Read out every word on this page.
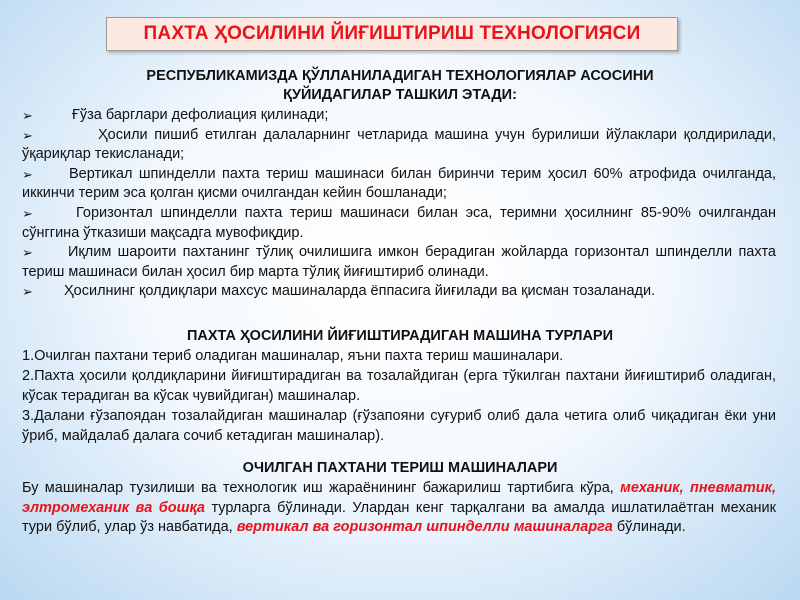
ПАХТА ҲОСИЛИНИ ЙИҒИШТИРИШ ТЕХНОЛОГИЯСИ
РЕСПУБЛИКАМИЗДА ҚЎЛЛАНИЛАДИГАН ТЕХНОЛОГИЯЛАР АСОСИНИ
ҚУЙИДАГИЛАР ТАШКИЛ ЭТАДИ:
➢	Ғўза барглари дефолиация қилинади;
➢	Ҳосили пишиб етилган далаларнинг четларида машина учун бурилиши йўлаклари қолдирилади, ўқариқлар текисланади;
➢ Вертикал шпинделли пахта териш машинаси билан биринчи терим ҳосил 60% атрофида очилганда, иккинчи терим эса қолган қисми очилгандан кейин бошланади;
➢	Горизонтал шпинделли пахта териш машинаси билан эса, теримни ҳосилнинг 85-90% очилгандан сўнггина ўтказиши мақсадга мувофиқдир.
➢ Иқлим шароити пахтанинг тўлиқ очилишига имкон берадиган жойларда горизонтал шпинделли пахта териш машинаси билан ҳосил бир марта тўлиқ йиғиштириб олинади.
➢ Ҳосилнинг қолдиқлари махсус машиналарда ёппасига йиғилади ва қисман тозаланади.
ПАХТА ҲОСИЛИНИ ЙИҒИШТИРАДИГАН МАШИНА ТУРЛАРИ

1.Очилган пахтани териб оладиган машиналар, яъни пахта териш машиналари.

2.Пахта ҳосили қолдиқларини йиғиштирадиган ва тозалайдиган (ерга тўкилган пахтани йиғиштириб оладиган, кўсак терадиган ва кўсак чувийдиган) машиналар.

3.Далани ғўзапоядан тозалайдиган машиналар (ғўзапояни суғуриб олиб дала четига олиб чиқадиган ёки уни ўриб, майдалаб далага сочиб кетадиган машиналар).

ОЧИЛГАН ПАХТАНИ ТЕРИШ МАШИНАЛАРИ

Бу машиналар тузилиши ва технологик иш жараёнининг бажарилиш тартибига кўра, механик, пневматик, элтромеханик ва бошқа турларга бўлинади. Улардан кенг тарқалгани ва амалда ишлатилаётган механик тури бўлиб, улар ўз навбатида, вертикал ва горизонтал шпинделли машиналарга бўлинади.
